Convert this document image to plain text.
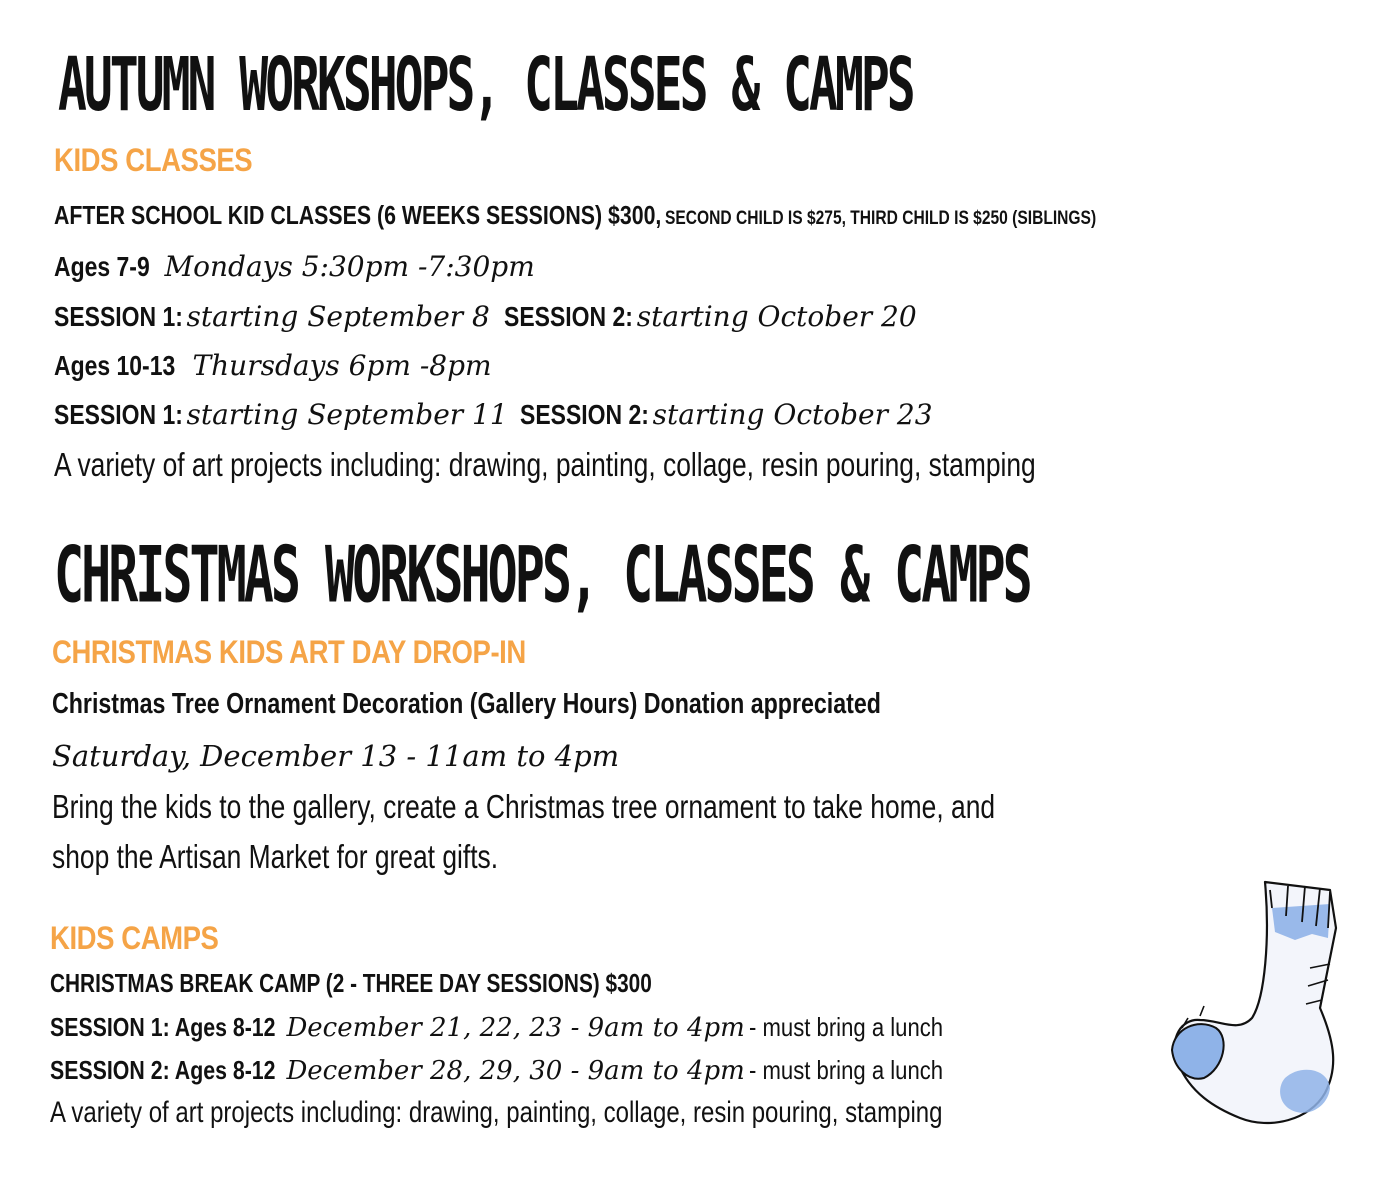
AUTUMN WORKSHOPS, CLASSES & CAMPS
KIDS CLASSES
AFTER SCHOOL KID CLASSES (6 WEEKS SESSIONS) $300, SECOND CHILD IS $275, THIRD CHILD IS $250 (SIBLINGS)
Ages 7-9 Mondays 5:30pm -7:30pm
SESSION 1: starting September 8 SESSION 2: starting October 20
Ages 10-13 Thursdays 6pm -8pm
SESSION 1: starting September 11 SESSION 2: starting October 23
A variety of art projects including: drawing, painting, collage, resin pouring, stamping
CHRISTMAS WORKSHOPS, CLASSES & CAMPS
CHRISTMAS KIDS ART DAY DROP-IN
Christmas Tree Ornament Decoration (Gallery Hours) Donation appreciated
Saturday, December 13 - 11am to 4pm
Bring the kids to the gallery, create a Christmas tree ornament to take home, and
shop the Artisan Market for great gifts.
KIDS CAMPS
CHRISTMAS BREAK CAMP (2 - THREE DAY SESSIONS) $300
SESSION 1: Ages 8-12 December 21, 22, 23 - 9am to 4pm - must bring a lunch
SESSION 2: Ages 8-12 December 28, 29, 30 - 9am to 4pm - must bring a lunch
A variety of art projects including: drawing, painting, collage, resin pouring, stamping
